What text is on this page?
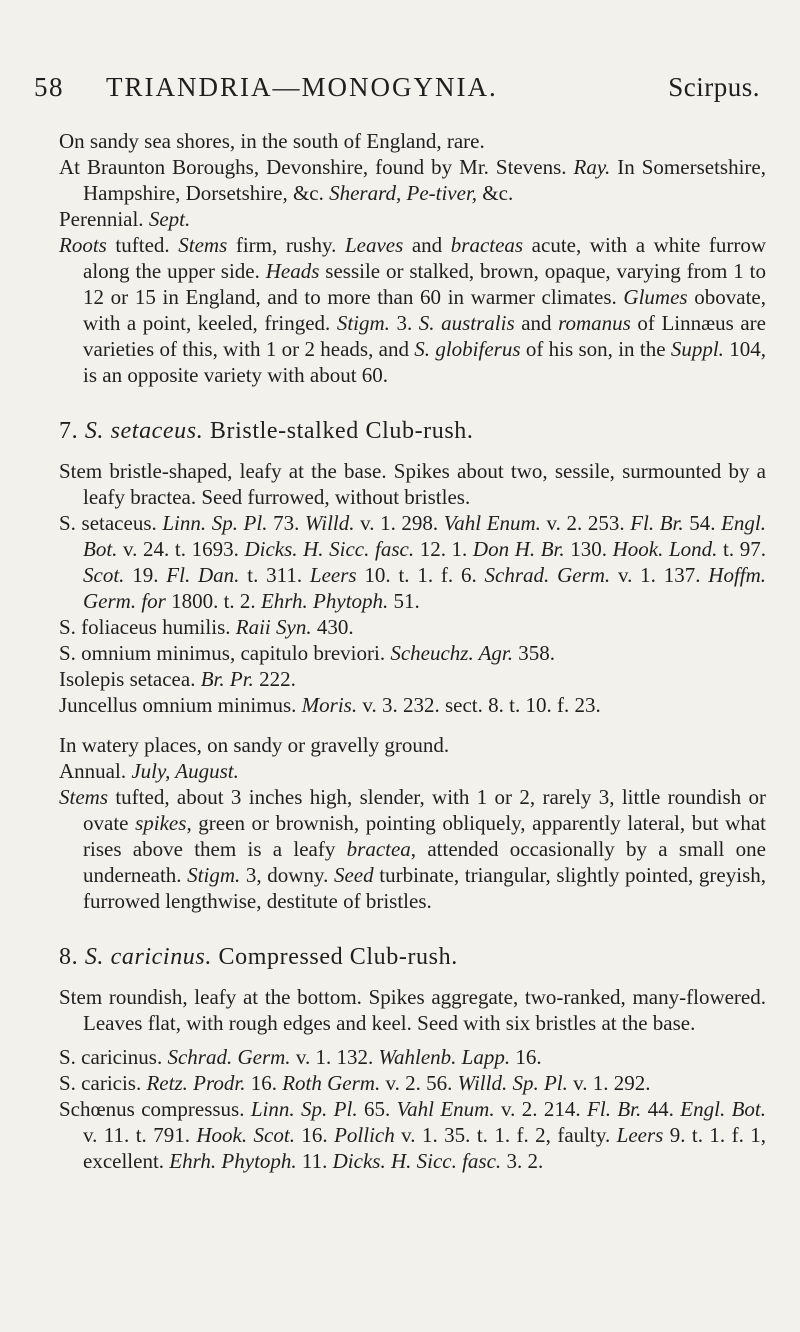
58 TRIANDRIA—MONOGYNIA.	Scirpus.

On sandy sea shores, in the south of England, rare.

At Braunton Boroughs, Devonshire, found by Mr. Stevens. Ray. In Somersetshire, Hampshire, Dorsetshire, &c. Sherard, Pe-tiver, &c.

Perennial. Sept.

Roots tufted. Stems firm, rushy. Leaves and bracteas acute, with a white furrow along the upper side. Heads sessile or stalked, brown, opaque, varying from 1 to 12 or 15 in England, and to more than 60 in warmer climates. Glumes obovate, with a point, keeled, fringed. Stigm. 3. S. australis and romanus of Linnæus are varieties of this, with 1 or 2 heads, and S. globiferus of his son, in the Suppl. 104, is an opposite variety with about 60.

7. S. setaceus. Bristle-stalked Club-rush.

Stem bristle-shaped, leafy at the base. Spikes about two, sessile, surmounted by a leafy bractea. Seed furrowed, without bristles.

S. setaceus. Linn. Sp. Pl. 73. Willd. v. 1. 298. Vahl Enum. v. 2. 253. Fl. Br. 54. Engl. Bot. v. 24. t. 1693. Dicks. H. Sicc. fasc. 12. 1. Don H. Br. 130. Hook. Lond. t. 97. Scot. 19. Fl. Dan. t. 311. Leers 10. t. 1. f. 6. Schrad. Germ. v. 1. 137. Hoffm. Germ. for 1800. t. 2. Ehrh. Phytoph. 51.

S. foliaceus humilis. Raii Syn. 430.

S. omnium minimus, capitulo breviori. Scheuchz. Agr. 358.

Isolepis setacea. Br. Pr. 222.

Juncellus omnium minimus. Moris. v. 3. 232. sect. 8. t. 10. f. 23.

In watery places, on sandy or gravelly ground.

Annual. July, August.

Stems tufted, about 3 inches high, slender, with 1 or 2, rarely 3, little roundish or ovate spikes, green or brownish, pointing obliquely, apparently lateral, but what rises above them is a leafy bractea, attended occasionally by a small one underneath. Stigm. 3, downy. Seed turbinate, triangular, slightly pointed, greyish, furrowed lengthwise, destitute of bristles.

8. S. caricinus. Compressed Club-rush.

Stem roundish, leafy at the bottom. Spikes aggregate, two-ranked, many-flowered. Leaves flat, with rough edges and keel. Seed with six bristles at the base.

S. caricinus. Schrad. Germ. v. 1. 132. Wahlenb. Lapp. 16.

S. caricis. Retz. Prodr. 16. Roth Germ. v. 2. 56. Willd. Sp. Pl. v. 1. 292.

Schœnus compressus. Linn. Sp. Pl. 65. Vahl Enum. v. 2. 214. Fl. Br. 44. Engl. Bot. v. 11. t. 791. Hook. Scot. 16. Pollich v. 1. 35. t. 1. f. 2, faulty. Leers 9. t. 1. f. 1, excellent. Ehrh. Phytoph. 11. Dicks. H. Sicc. fasc. 3. 2.
